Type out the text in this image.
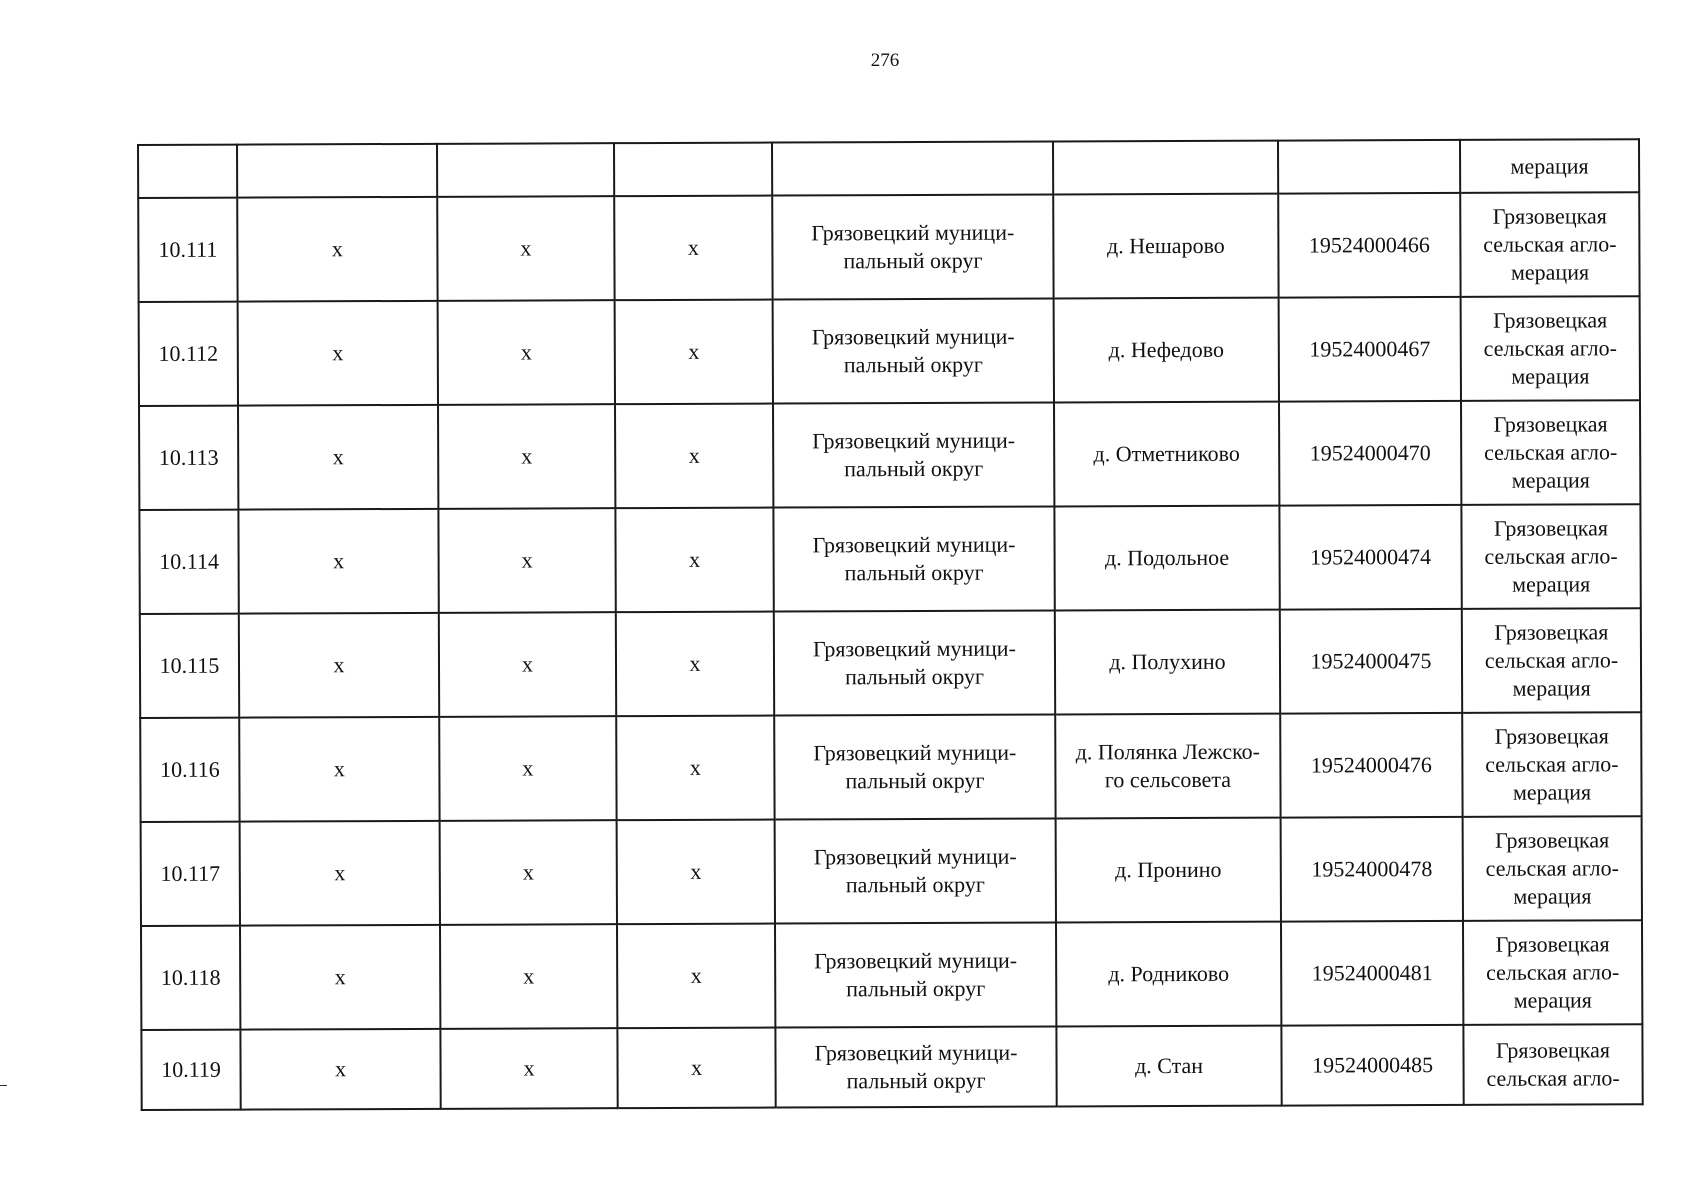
276
							мерация
10.111	x	x	x	Грязовецкий муници-
пальный округ	д. Нешарово	19524000466	Грязовецкая
сельская агло-
мерация

10.112	x	x	x	Грязовецкий муници-
пальный округ	д. Нефедово	19524000467	Грязовецкая
сельская агло-
мерация

10.113	x	x	x	Грязовецкий муници-
пальный округ	д. Отметниково	19524000470	Грязовецкая
сельская агло-
мерация

10.114	x	x	x	Грязовецкий муници-
пальный округ	д. Подольное	19524000474	Грязовецкая
сельская агло-
мерация

10.115	x	x	x	Грязовецкий муници-
пальный округ	д. Полухино	19524000475	Грязовецкая
сельская агло-
мерация

10.116	x	x	x	Грязовецкий муници-
пальный округ	д. Полянка Лежско-
го сельсовета	19524000476	Грязовецкая
сельская агло-
мерация

10.117	x	x	x	Грязовецкий муници-
пальный округ	д. Пронино	19524000478	Грязовецкая
сельская агло-
мерация

10.118	x	x	x	Грязовецкий муници-
пальный округ	д. Родниково	19524000481	Грязовецкая
сельская агло-
мерация

10.119	x	x	x	Грязовецкий муници-
пальный округ	д. Стан	19524000485	Грязовецкая
сельская агло-
